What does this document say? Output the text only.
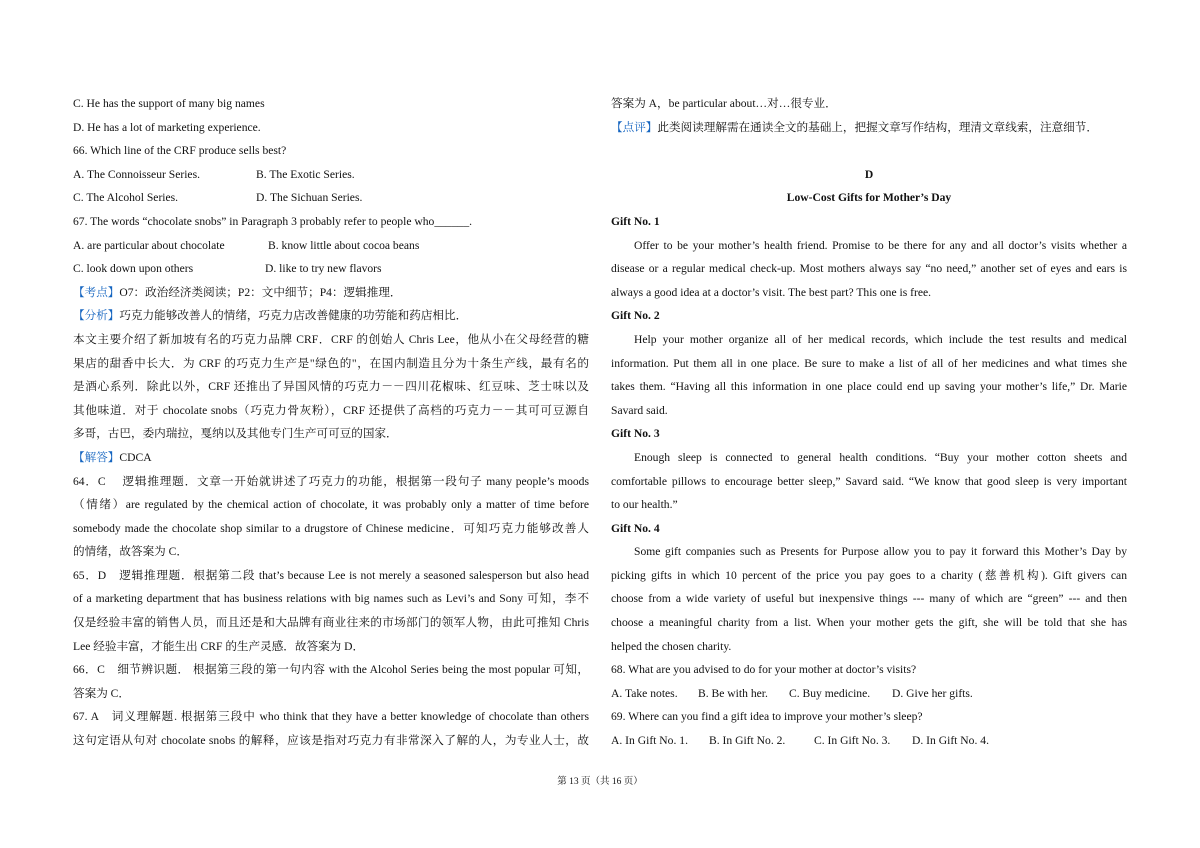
C. He has the support of many big names
D. He has a lot of marketing experience.
66. Which line of the CRF produce sells best?
A. The Connoisseur Series.	B. The Exotic Series.
C. The Alcohol Series.	D. The Sichuan Series.
67. The words “chocolate snobs” in Paragraph 3 probably refer to people who______.
A. are particular about chocolate	B. know little about cocoa beans
C. look down upon others	D. like to try new flavors
【考点】O7：政治经济类阅读；P2：文中细节；P4：逻辑推理．
【分析】巧克力能够改善人的情绪，巧克力店改善健康的功劳能和药店相比．
本文主要介绍了新加坡有名的巧克力品牌 CRF．CRF 的创始人 Chris Lee，他从小在父母经营的糖
果店的甜香中长大．为 CRF 的巧克力生产是"绿色的"，在国内制造且分为十条生产线，最有名的
是酒心系列．除此以外，CRF 还推出了异国风情的巧克力－－四川花椒味、红豆味、芝士味以及
其他味道．对于 chocolate snobs（巧克力骨灰粉），CRF 还提供了高档的巧克力－－其可可豆源自
多哥，古巴，委内瑞拉，戛纳以及其他专门生产可可豆的国家．
【解答】CDCA
64．C　 逻辑推理题．文章一开始就讲述了巧克力的功能，根据第一段句子 many people’s moods
（情绪）are regulated by the chemical action of chocolate, it was probably only a matter of time before
somebody made the chocolate shop similar to a drugstore of Chinese medicine．可知巧克力能够改善人
的情绪，故答案为 C．
65．D　逻辑推理题．根据第二段 that’s because Lee is not merely a seasoned salesperson but also head
of a marketing department that has business relations with big names such as Levi’s and Sony 可知，李不
仅是经验丰富的销售人员，而且还是和大品牌有商业往来的市场部门的领军人物，由此可推知 Chris
Lee 经验丰富，才能生出 CRF 的生产灵感．故答案为 D．
66．C　细节辨识题． 根据第三段的第一句内容 with the Alcohol Series being the most popular 可知，
答案为 C．
67. A　词义理解题. 根据第三段中 who think that they have a better knowledge of chocolate than others
这句定语从句对 chocolate snobs 的解释，应该是指对巧克力有非常深入了解的人，为专业人士，故
答案为 A，be particular about…对…很专业．
【点评】此类阅读理解需在通读全文的基础上，把握文章写作结构，理清文章线索，注意细节．
D
Low-Cost Gifts for Mother’s Day
Gift No. 1
Offer to be your mother’s health friend. Promise to be there for any and all doctor’s visits whether a
disease or a regular medical check-up. Most mothers always say “no need,” another set of eyes and ears is
always a good idea at a doctor’s visit. The best part? This one is free.
Gift No. 2
Help your mother organize all of her medical records, which include the test results and medical
information. Put them all in one place. Be sure to make a list of all of her medicines and what times she
takes them. “Having all this information in one place could end up saving your mother’s life,” Dr. Marie
Savard said.
Gift No. 3
Enough sleep is connected to general health conditions. “Buy your mother cotton sheets and
comfortable pillows to encourage better sleep,” Savard said. “We know that good sleep is very important
to our health.”
Gift No. 4
Some gift companies such as Presents for Purpose allow you to pay it forward this Mother’s Day by
picking gifts in which 10 percent of the price you pay goes to a charity (慈善机构). Gift givers can
choose from a wide variety of useful but inexpensive things --- many of which are “green” --- and then
choose a meaningful charity from a list. When your mother gets the gift, she will be told that she has
helped the chosen charity.
68. What are you advised to do for your mother at doctor’s visits?
A. Take notes. B. Be with her. C. Buy medicine. D. Give her gifts.
69. Where can you find a gift idea to improve your mother’s sleep?
A. In Gift No. 1. B. In Gift No. 2. C. In Gift No. 3. D. In Gift No. 4.
第 13 页（共 16 页）
